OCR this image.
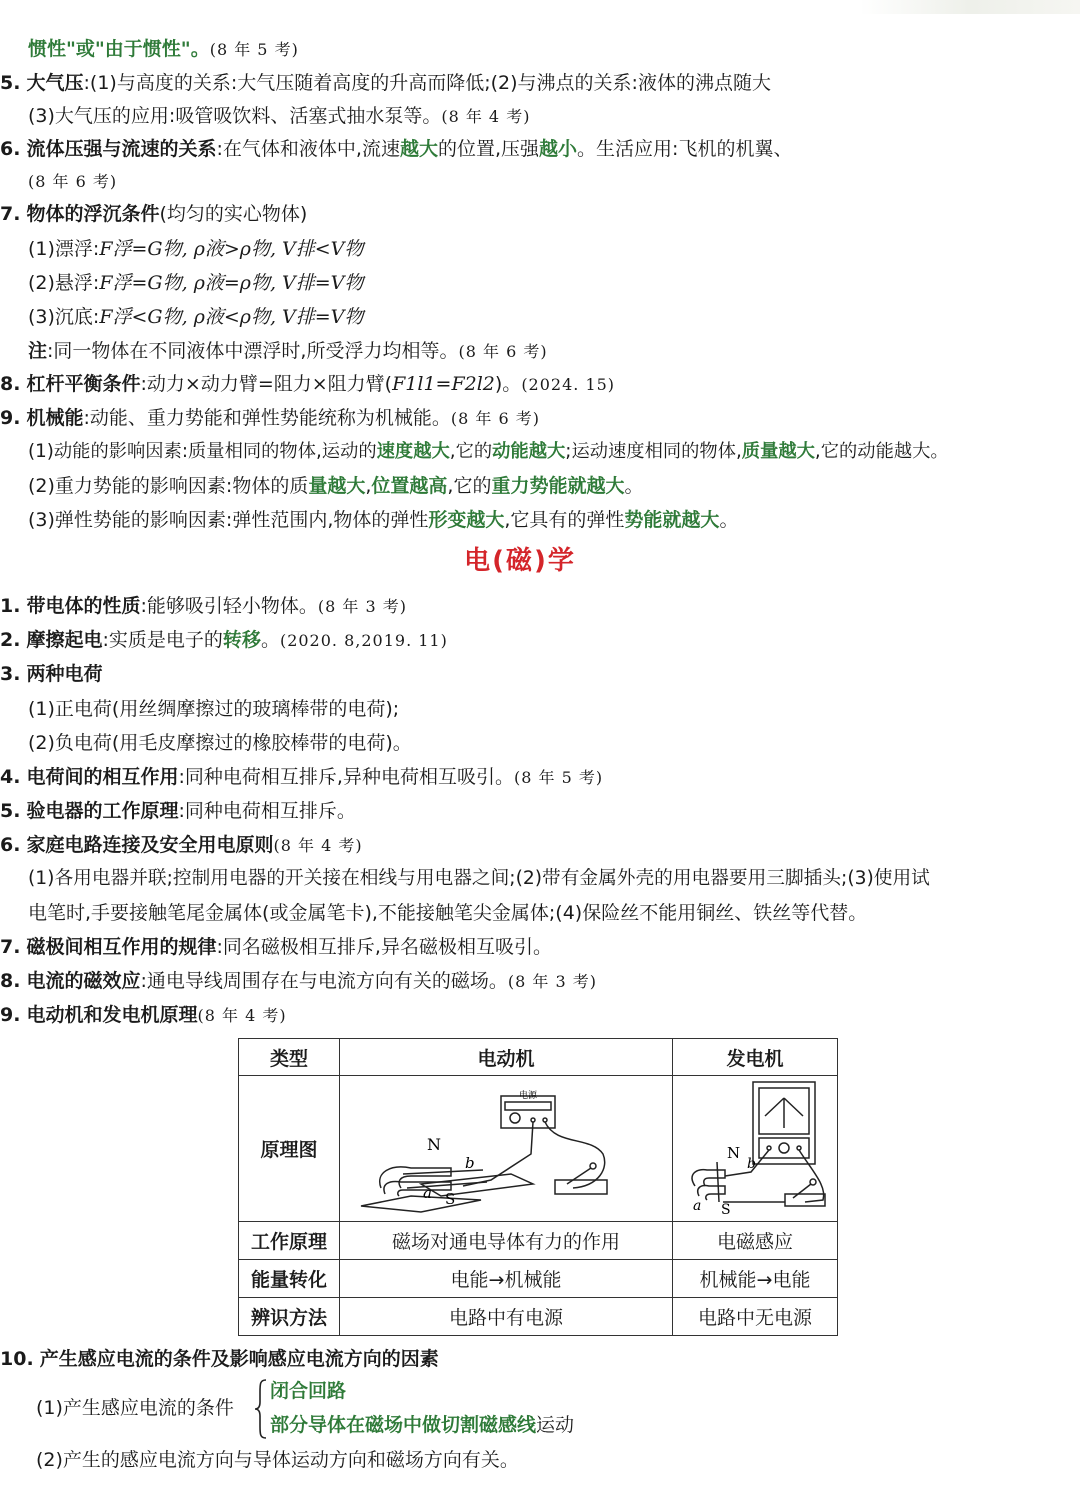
惯性"或"由于惯性"。(8 年 5 考)
5. 大气压:(1)与高度的关系:大气压随着高度的升高而降低;(2)与沸点的关系:液体的沸点随大
(3)大气压的应用:吸管吸饮料、活塞式抽水泵等。(8 年 4 考)
6. 流体压强与流速的关系:在气体和液体中,流速越大的位置,压强越小。生活应用:飞机的机翼、
(8 年 6 考)
7. 物体的浮沉条件(均匀的实心物体)
(1)漂浮:F浮=G物, ρ液>ρ物, V排<V物
(2)悬浮:F浮=G物, ρ液=ρ物, V排=V物
(3)沉底:F浮<G物, ρ液<ρ物, V排=V物
注:同一物体在不同液体中漂浮时,所受浮力均相等。(8 年 6 考)
8. 杠杆平衡条件:动力×动力臂=阻力×阻力臂(F1l1=F2l2)。(2024. 15)
9. 机械能:动能、重力势能和弹性势能统称为机械能。(8 年 6 考)
(1)动能的影响因素:质量相同的物体,运动的速度越大,它的动能越大;运动速度相同的物体,质量越大,它的动能越大。
(2)重力势能的影响因素:物体的质量越大,位置越高,它的重力势能就越大。
(3)弹性势能的影响因素:弹性范围内,物体的弹性形变越大,它具有的弹性势能就越大。
电(磁)学
1. 带电体的性质:能够吸引轻小物体。(8 年 3 考)
2. 摩擦起电:实质是电子的转移。(2020. 8,2019. 11)
3. 两种电荷
(1)正电荷(用丝绸摩擦过的玻璃棒带的电荷);
(2)负电荷(用毛皮摩擦过的橡胶棒带的电荷)。
4. 电荷间的相互作用:同种电荷相互排斥,异种电荷相互吸引。(8 年 5 考)
5. 验电器的工作原理:同种电荷相互排斥。
6. 家庭电路连接及安全用电原则(8 年 4 考)
(1)各用电器并联;控制用电器的开关接在相线与用电器之间;(2)带有金属外壳的用电器要用三脚插头;(3)使用试
电笔时,手要接触笔尾金属体(或金属笔卡),不能接触笔尖金属体;(4)保险丝不能用铜丝、铁丝等代替。
7. 磁极间相互作用的规律:同名磁极相互排斥,异名磁极相互吸引。
8. 电流的磁效应:通电导线周围存在与电流方向有关的磁场。(8 年 3 考)
9. 电动机和发电机原理(8 年 4 考)
类型	电动机	发电机
原理图	电源
N
S
a
b	N
b
a S

工作原理	磁场对通电导体有力的作用	电磁感应
能量转化	电能→机械能	机械能→电能
辨识方法	电路中有电源	电路中无电源
10. 产生感应电流的条件及影响感应电流方向的因素
(1)产生感应电流的条件
闭合回路
部分导体在磁场中做切割磁感线运动
(2)产生的感应电流方向与导体运动方向和磁场方向有关。
